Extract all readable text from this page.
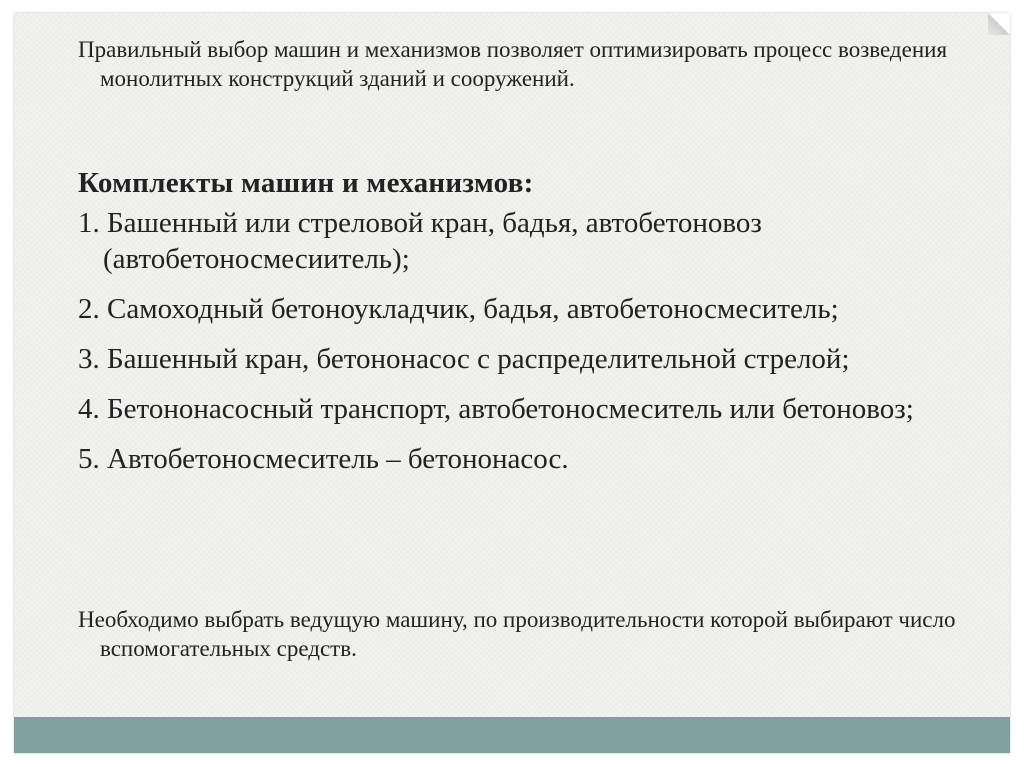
Правильный выбор машин и механизмов позволяет оптимизировать процесс возведения монолитных конструкций зданий и сооружений.

Комплекты машин и механизмов:
1. Башенный или стреловой кран, бадья, автобетоновоз (автобетоносмесиитель);
2. Самоходный бетоноукладчик, бадья, автобетоносмеситель;
3. Башенный кран, бетононасос с распределительной стрелой;
4. Бетононасосный транспорт, автобетоносмеситель или бетоновоз;
5. Автобетоносмеситель – бетононасос.

Необходимо выбрать ведущую машину, по производительности которой выбирают число вспомогательных средств.
